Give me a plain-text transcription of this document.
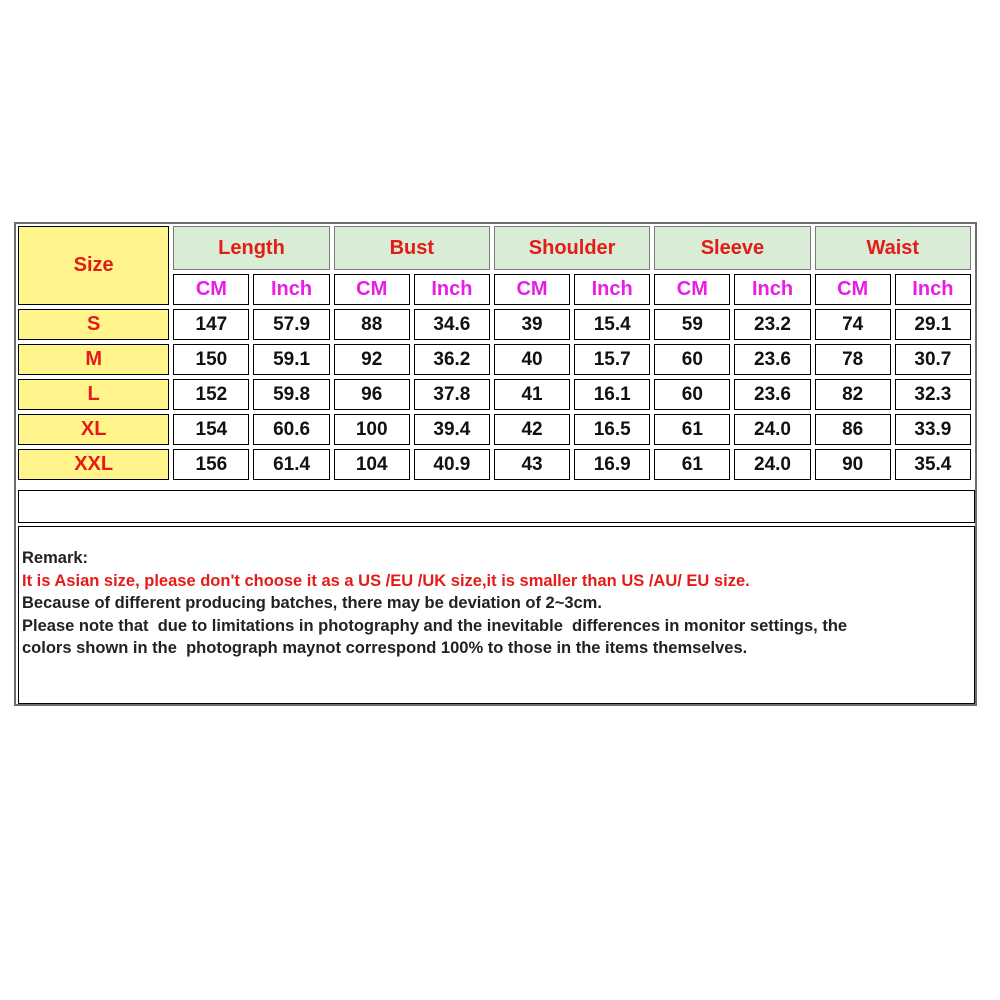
Size	Length		Bust		Shoulder		Sleeve		Waist	
	CM	Inch	CM	Inch	CM	Inch	CM	Inch	CM	Inch
S	147	57.9	88	34.6	39	15.4	59	23.2	74	29.1
M	150	59.1	92	36.2	40	15.7	60	23.6	78	30.7
L	152	59.8	96	37.8	41	16.1	60	23.6	82	32.3
XL	154	60.6	100	39.4	42	16.5	61	24.0	86	33.9
XXL	156	61.4	104	40.9	43	16.9	61	24.0	90	35.4
Remark:
It is Asian size, please don't choose it as a US /EU /UK size,it is smaller than US /AU/ EU size.
Because of different producing batches, there may be deviation of 2~3cm.
Please note that  due to limitations in photography and the inevitable  differences in monitor settings, the
colors shown in the  photograph maynot correspond 100% to those in the items themselves.
